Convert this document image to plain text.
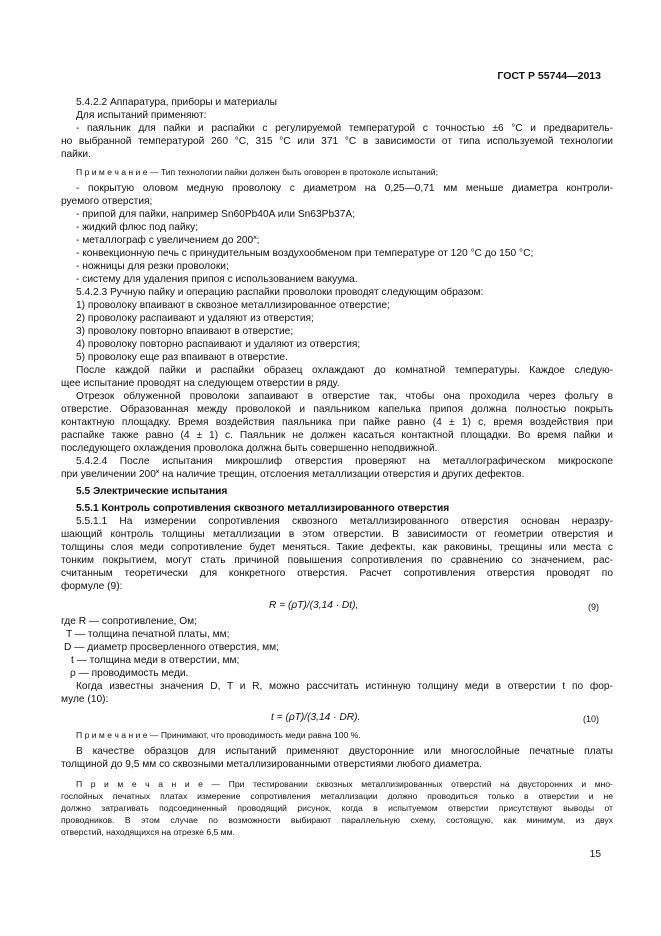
ГОСТ Р 55744—2013
5.4.2.2 Аппаратура, приборы и материалы
Для испытаний применяют:
- паяльник для пайки и распайки с регулируемой температурой с точностью ±6 °С и предваритель-
но выбранной температурой 260 °С, 315 °С или 371 °С в зависимости от типа используемой технологии
пайки.
П р и м е ч а н и е — Тип технологии пайки должен быть оговорен в протоколе испытаний;
- покрытую оловом медную проволоку с диаметром на 0,25—0,71 мм меньше диаметра контроли-
руемого отверстия;
- припой для пайки, например Sn60Pb40A или Sn63Pb37A;
- жидкий флюс под пайку;
- металлограф с увеличением до 200˟;
- конвекционную печь с принудительным воздухообменом при температуре от 120 °С до 150 °С;
- ножницы для резки проволоки;
- систему для удаления припоя с использованием вакуума.
5.4.2.3 Ручную пайку и операцию распайки проволоки проводят следующим образом:
1) проволоку впаивают в сквозное металлизированное отверстие;
2) проволоку распаивают и удаляют из отверстия;
3) проволоку повторно впаивают в отверстие;
4) проволоку повторно распаивают и удаляют из отверстия;
5) проволоку еще раз впаивают в отверстие.
После каждой пайки и распайки образец охлаждают до комнатной температуры. Каждое следую-
щее испытание проводят на следующем отверстии в ряду.
Отрезок облуженной проволоки запаивают в отверстие так, чтобы она проходила через фольгу в
отверстие. Образованная между проволокой и паяльником капелька припоя должна полностью покрыть
контактную площадку. Время воздействия паяльника при пайке равно (4 ± 1) с, время воздействия при
распайке также равно (4 ± 1) с. Паяльник не должен касаться контактной площадки. Во время пайки и
последующего охлаждения проволока должна быть совершенно неподвижной.
5.4.2.4 После испытания микрошлиф отверстия проверяют на металлографическом микроскопе
при увеличении 200˟ на наличие трещин, отслоения металлизации отверстия и других дефектов.
5.5 Электрические испытания
5.5.1 Контроль сопротивления сквозного металлизированного отверстия
5.5.1.1 На измерении сопротивления сквозного металлизированного отверстия основан неразру-
шающий контроль толщины металлизации в этом отверстии. В зависимости от геометрии отверстия и
толщины слоя меди сопротивление будет меняться. Такие дефекты, как раковины, трещины или места с
тонким покрытием, могут стать причиной повышения сопротивления по сравнению со значением, рас-
считанным теоретически для конкретного отверстия. Расчет сопротивления отверстия проводят по
формуле (9):
где R — сопротивление, Ом;
T — толщина печатной платы, мм;
D — диаметр просверленного отверстия, мм;
t — толщина меди в отверстии, мм;
ρ — проводимость меди.
Когда известны значения D, T и R, можно рассчитать истинную толщину меди в отверстии t по фор-
муле (10):
П р и м е ч а н и е — Принимают, что проводимость меди равна 100 %.
В качестве образцов для испытаний применяют двусторонние или многослойные печатные платы
толщиной до 9,5 мм со сквозными металлизированными отверстиями любого диаметра.
П р и м е ч а н и е — При тестировании сквозных металлизированных отверстий на двусторонних и мно-
гослойных печатных платах измерение сопротивления металлизации должно проводиться только в отверстии и не
должно затрагивать подсоединенный проводящий рисунок, когда в испытуемом отверстии присутствуют выводы от
проводников. В этом случае по возможности выбирают параллельную схему, состоящую, как минимум, из двух
отверстий, находящихся на отрезке 6,5 мм.
R = (ρT)/(3,14 · Dt),	(9)
t = (ρT)/(3,14 · DR).	(10)
15
